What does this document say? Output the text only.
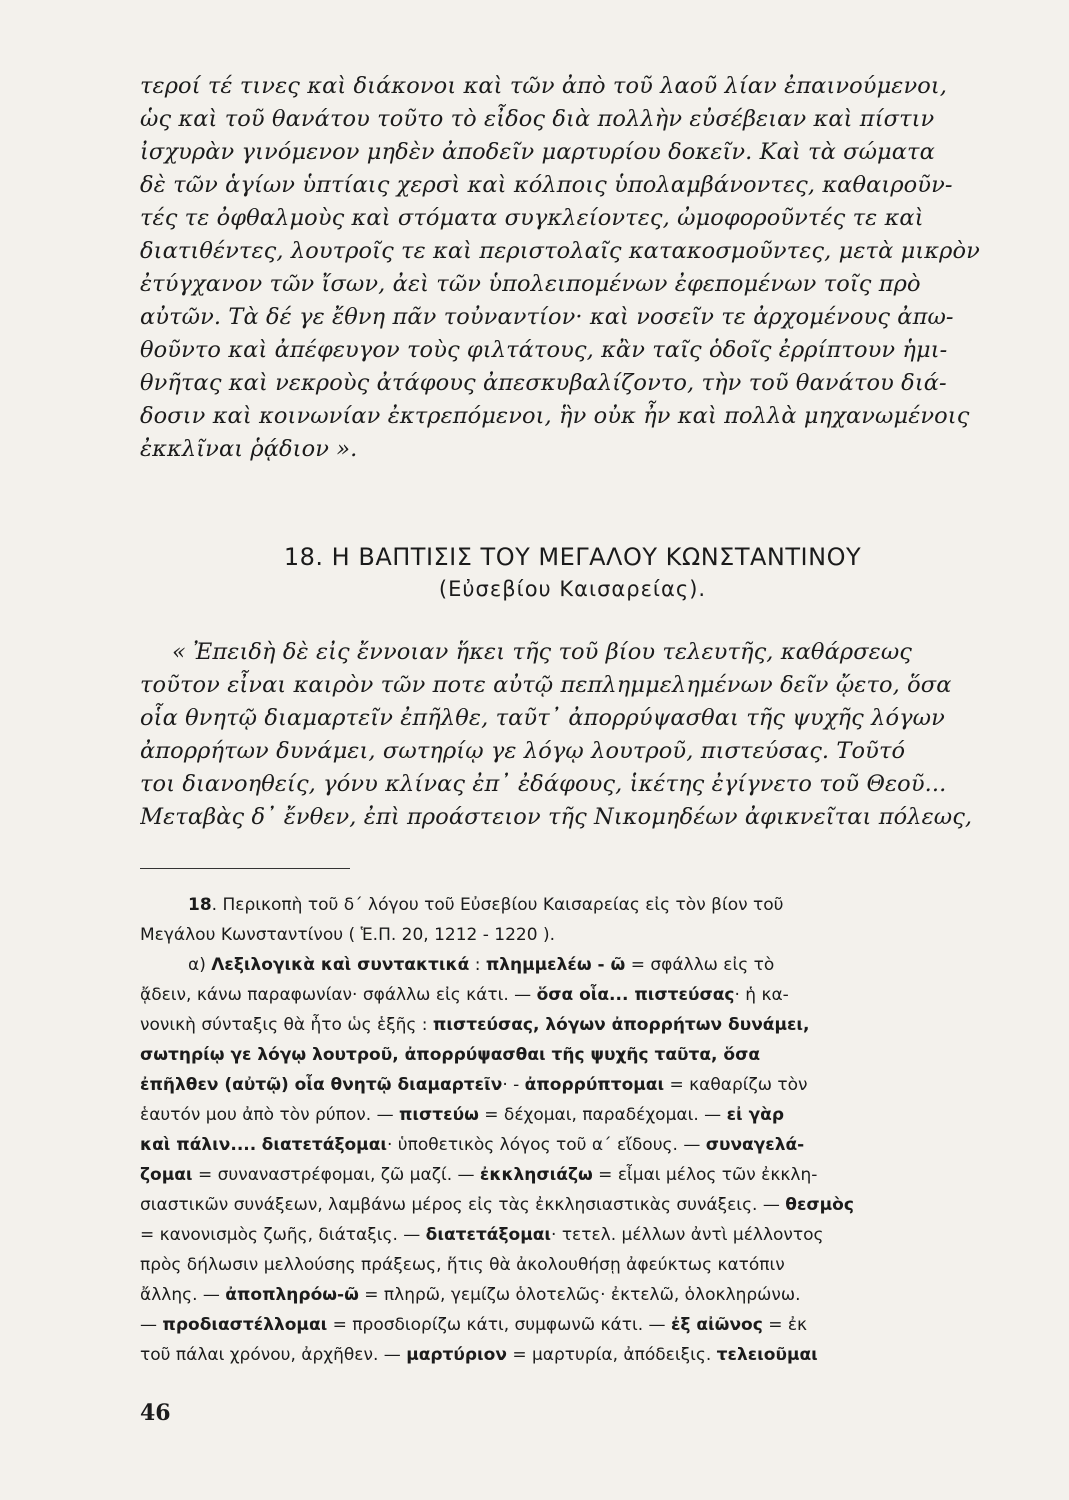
τεροί τέ τινες καὶ διάκονοι καὶ τῶν ἀπὸ τοῦ λαοῦ λίαν ἐπαινούμενοι,
ὡς καὶ τοῦ θανάτου τοῦτο τὸ εἶδος διὰ πολλὴν εὐσέβειαν καὶ πίστιν
ἰσχυρὰν γινόμενον μηδὲν ἀποδεῖν μαρτυρίου δοκεῖν. Καὶ τὰ σώματα
δὲ τῶν ἁγίων ὑπτίαις χερσὶ καὶ κόλποις ὑπολαμβάνοντες, καθαιροῦν-
τές τε ὀφθαλμοὺς καὶ στόματα συγκλείοντες, ὠμοφοροῦντές τε καὶ
διατιθέντες, λουτροῖς τε καὶ περιστολαῖς κατακοσμοῦντες, μετὰ μικρὸν
ἐτύγχανον τῶν ἴσων, ἀεὶ τῶν ὑπολειπομένων ἐφεπομένων τοῖς πρὸ
αὐτῶν. Τὰ δέ γε ἔθνη πᾶν τοὐναντίον· καὶ νοσεῖν τε ἀρχομένους ἀπω-
θοῦντο καὶ ἀπέφευγον τοὺς φιλτάτους, κἂν ταῖς ὁδοῖς ἐρρίπτουν ἡμι-
θνῆτας καὶ νεκροὺς ἀτάφους ἀπεσκυβαλίζοντο, τὴν τοῦ θανάτου διά-
δοσιν καὶ κοινωνίαν ἐκτρεπόμενοι, ἣν οὐκ ἦν καὶ πολλὰ μηχανωμένοις
ἐκκλῖναι ῥᾴδιον ».
18. Η ΒΑΠΤΙΣΙΣ ΤΟΥ ΜΕΓΑΛΟΥ ΚΩΝΣΤΑΝΤΙΝΟΥ
(Εὐσεβίου Καισαρείας).
« Ἐπειδὴ δὲ εἰς ἔννοιαν ἥκει τῆς τοῦ βίου τελευτῆς, καθάρσεως
τοῦτον εἶναι καιρὸν τῶν ποτε αὐτῷ πεπλημμελημένων δεῖν ᾤετο, ὅσα
οἷα θνητῷ διαμαρτεῖν ἐπῆλθε, ταῦτ᾽ ἀπορρύψασθαι τῆς ψυχῆς λόγων
ἀπορρήτων δυνάμει, σωτηρίῳ γε λόγῳ λουτροῦ, πιστεύσας. Τοῦτό
τοι διανοηθείς, γόνυ κλίνας ἐπ᾽ ἐδάφους, ἱκέτης ἐγίγνετο τοῦ Θεοῦ...
Μεταβὰς δ᾽ ἔνθεν, ἐπὶ προάστειον τῆς Νικομηδέων ἀφικνεῖται πόλεως,
18. Περικοπὴ τοῦ δ΄ λόγου τοῦ Εὐσεβίου Καισαρείας εἰς τὸν βίον τοῦ
Μεγάλου Κωνσταντίνου ( Ἑ.Π. 20, 1212 - 1220 ).
α) Λεξιλογικὰ καὶ συντακτικά : πλημμελέω - ῶ = σφάλλω εἰς τὸ
ᾄδειν, κάνω παραφωνίαν· σφάλλω εἰς κάτι. — ὅσα οἷα... πιστεύσας· ἡ κα-
νονικὴ σύνταξις θὰ ἦτο ὡς ἑξῆς : πιστεύσας, λόγων ἀπορρήτων δυνάμει,
σωτηρίῳ γε λόγῳ λουτροῦ, ἀπορρύψασθαι τῆς ψυχῆς ταῦτα, ὅσα
ἐπῆλθεν (αὐτῷ) οἷα θνητῷ διαμαρτεῖν· - ἀπορρύπτομαι = καθαρίζω τὸν
ἑαυτόν μου ἀπὸ τὸν ρύπον. — πιστεύω = δέχομαι, παραδέχομαι. — εἰ γὰρ
καὶ πάλιν.... διατετάξομαι· ὑποθετικὸς λόγος τοῦ α΄ εἴδους. — συναγελά-
ζομαι = συναναστρέφομαι, ζῶ μαζί. — ἐκκλησιάζω = εἶμαι μέλος τῶν ἐκκλη-
σιαστικῶν συνάξεων, λαμβάνω μέρος εἰς τὰς ἐκκλησιαστικὰς συνάξεις. — θεσμὸς
= κανονισμὸς ζωῆς, διάταξις. — διατετάξομαι· τετελ. μέλλων ἀντὶ μέλλοντος
πρὸς δήλωσιν μελλούσης πράξεως, ἥτις θὰ ἀκολουθήσῃ ἀφεύκτως κατόπιν
ἄλλης. — ἀποπληρόω-ῶ = πληρῶ, γεμίζω ὁλοτελῶς· ἐκτελῶ, ὁλοκληρώνω.
— προδιαστέλλομαι = προσδιορίζω κάτι, συμφωνῶ κάτι. — ἐξ αἰῶνος = ἐκ
τοῦ πάλαι χρόνου, ἀρχῆθεν. — μαρτύριον = μαρτυρία, ἀπόδειξις. τελειοῦμαι
46
